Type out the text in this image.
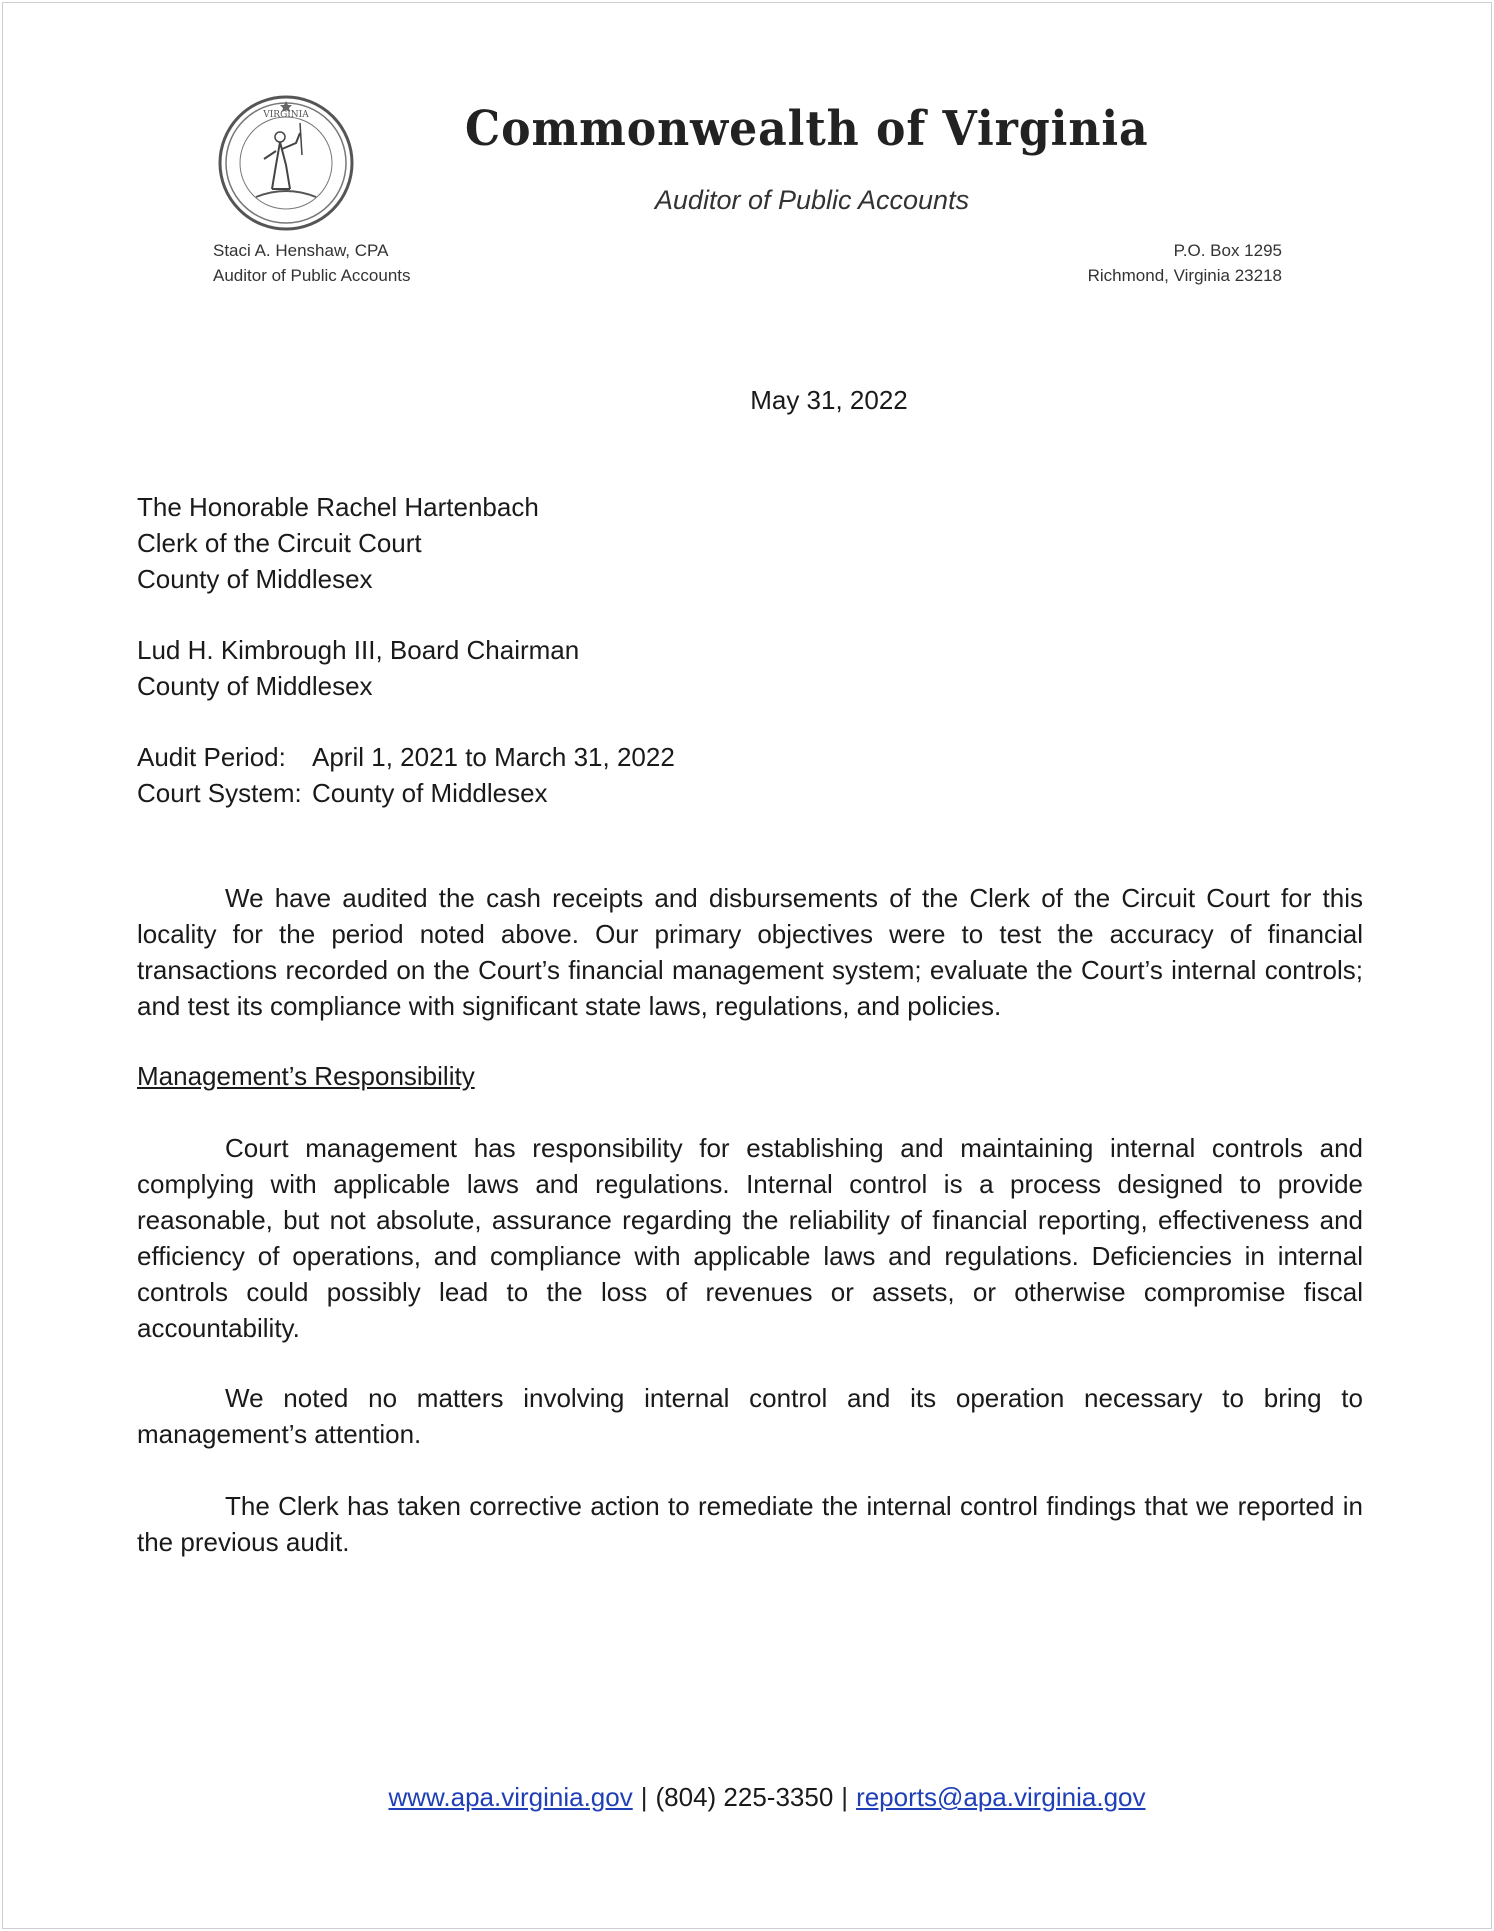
VIRGINIA	Commonwealth of Virginia
Auditor of Public Accounts
Staci A. Henshaw, CPA
Auditor of Public Accounts
P.O. Box 1295
Richmond, Virginia 23218
May 31, 2022
The Honorable Rachel Hartenbach
Clerk of the Circuit Court
County of Middlesex
Lud H. Kimbrough III, Board Chairman
County of Middlesex
Audit Period:	April 1, 2021 to March 31, 2022
Court System: County of Middlesex

We have audited the cash receipts and disbursements of the Clerk of the Circuit Court for this locality for the period noted above. Our primary objectives were to test the accuracy of financial transactions recorded on the Court’s financial management system; evaluate the Court’s internal controls; and test its compliance with significant state laws, regulations, and policies.

Management’s Responsibility

Court management has responsibility for establishing and maintaining internal controls and complying with applicable laws and regulations. Internal control is a process designed to provide reasonable, but not absolute, assurance regarding the reliability of financial reporting, effectiveness and efficiency of operations, and compliance with applicable laws and regulations. Deficiencies in internal controls could possibly lead to the loss of revenues or assets, or otherwise compromise fiscal accountability.

We noted no matters involving internal control and its operation necessary to bring to management’s attention.

The Clerk has taken corrective action to remediate the internal control findings that we reported in the previous audit.

www.apa.virginia.gov | (804) 225-3350 | reports@apa.virginia.gov
